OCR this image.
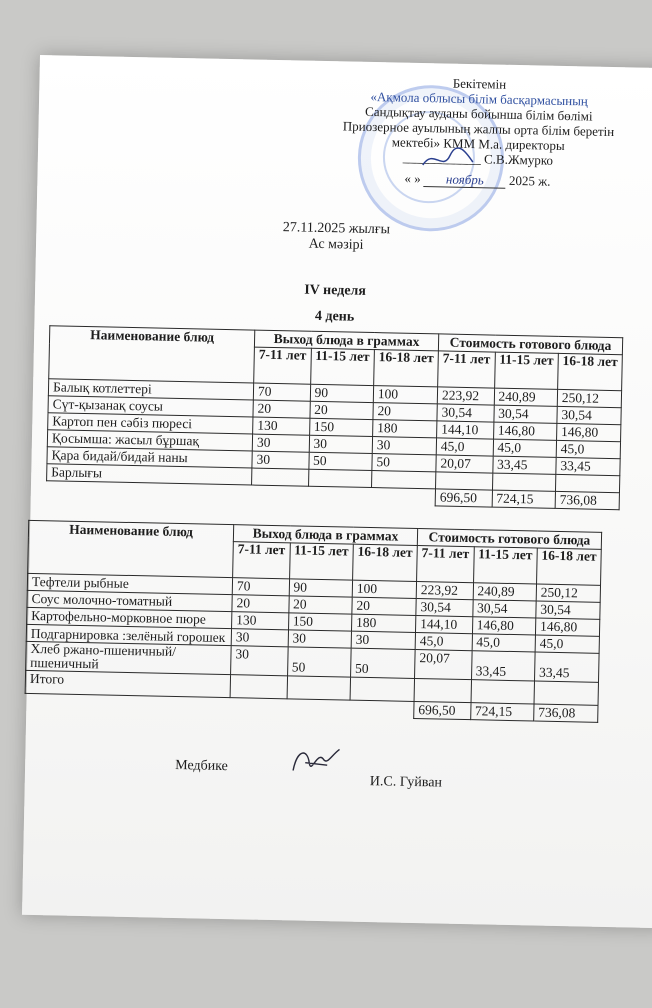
Бекітемін
«Ақмола облысы білім басқармасының
Сандықтау ауданы бойынша білім бөлімі
Приозерное ауылының жалпы орта білім беретін
мектебі» КММ М.а. директоры
____________ С.В.Жмурко
« » ноябрь 2025 ж.
27.11.2025 жылғы
Ас мәзірі
IV неделя
4 день
Наименование блюд	Выход блюда в граммах			Стоимость готового блюда		
	7-11 лет	11-15 лет	16-18 лет	7-11 лет	11-15 лет	16-18 лет
Балық котлеттері	70	90	100	223,92	240,89	250,12
Сүт-қызанақ соусы	20	20	20	30,54	30,54	30,54
Картоп пен сәбіз пюресі	130	150	180	144,10	146,80	146,80
Қосымша: жасыл бұршақ	30	30	30	45,0	45,0	45,0
Қара бидай/бидай наны	30	50	50	20,07	33,45	33,45
Барлығы						
				696,50	724,15	736,08
Наименование блюд	Выход блюда в граммах			Стоимость готового блюда		
	7-11 лет	11-15 лет	16-18 лет	7-11 лет	11-15 лет	16-18 лет
Тефтели рыбные	70	90	100	223,92	240,89	250,12
Соус молочно-томатный	20	20	20	30,54	30,54	30,54
Картофельно-морковное пюре	130	150	180	144,10	146,80	146,80
Подгарнировка :зелёный горошек	30	30	30	45,0	45,0	45,0
Хлеб ржано-пшеничный/пшеничный	30	50	50	20,07	33,45	33,45
Итого						
				696,50	724,15	736,08
Медбике
И.С. Гуйван
